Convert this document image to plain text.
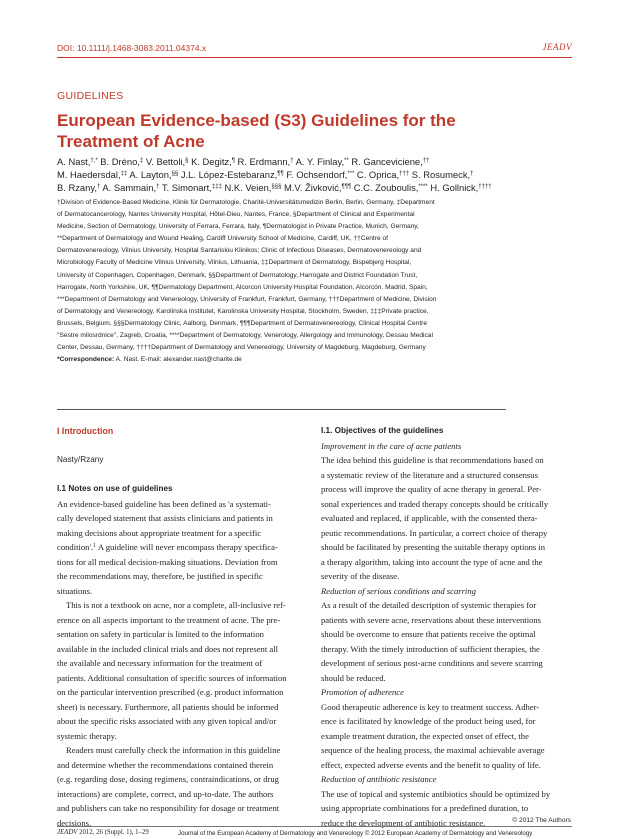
DOI: 10.1111/j.1468-3083.2011.04374.x	JEADV
GUIDELINES
European Evidence-based (S3) Guidelines for the Treatment of Acne
A. Nast,†,* B. Dréno,‡ V. Bettoli,§ K. Degitz,¶ R. Erdmann,† A. Y. Finlay,** R. Ganceviciene,††
M. Haedersdal,‡‡ A. Layton,§§ J.L. López-Estebaranz,¶¶ F. Ochsendorf,*** C. Oprica,††† S. Rosumeck,†
B. Rzany,† A. Sammain,† T. Simonart,‡‡‡ N.K. Veien,§§§ M.V. Živković,¶¶¶ C.C. Zouboulis,**** H. Gollnick,††††
†Division of Evidence-Based Medicine, Klinik für Dermatologie, Charité-Universitätsmedizin Berlin, Berlin, Germany, ‡Department
of Dermatocancerology, Nantes University Hospital, Hôtel-Dieu, Nantes, France, §Department of Clinical and Experimental
Medicine, Section of Dermatology, University of Ferrara, Ferrara, Italy, ¶Dermatologist in Private Practice, Munich, Germany,
**Department of Dermatology and Wound Healing, Cardiff University School of Medicine, Cardiff, UK, ††Centre of
Dermatovenereology, Vilnius University, Hospital Santariskiu Klinikos; Clinic of Infectious Diseases, Dermatovenereology and
Microbiology Faculty of Medicine Vilnius University, Vilnius, Lithuania, ‡‡Department of Dermatology, Bispebjerg Hospital,
University of Copenhagen, Copenhagen, Denmark, §§Department of Dermatology, Harrogate and District Foundation Trust,
Harrogate, North Yorkshire, UK, ¶¶Dermatology Department, Alcorcon University Hospital Foundation, Alcorcón, Madrid, Spain,
***Department of Dermatology and Venereology, University of Frankfurt, Frankfurt, Germany, †††Department of Medicine, Division
of Dermatology and Venereology, Karolinska Institutet, Karolinska University Hospital, Stockholm, Sweden, ‡‡‡Private practice,
Brussels, Belgium, §§§Dermatology Clinic, Aalborg, Denmark, ¶¶¶Department of Dermatovenereology, Clinical Hospital Centre
''Sestre milosrdnice'', Zagreb, Croatia, ****Department of Dermatology, Venerology, Allergology and Immunology, Dessau Medical
Center, Dessau, Germany, ††††Department of Dermatology and Venereology, University of Magdeburg, Magdeburg, Germany
*Correspondence: A. Nast. E-mail: alexander.nast@charite.de
I Introduction
Nasty/Rzany
I.1 Notes on use of guidelines
An evidence-based guideline has been defined as 'a systemati-
cally developed statement that assists clinicians and patients in
making decisions about appropriate treatment for a specific
condition'.$^1$ A guideline will never encompass therapy specifica-
tions for all medical decision-making situations. Deviation from
the recommendations may, therefore, be justified in specific
situations.
This is not a textbook on acne, nor a complete, all-inclusive ref-
erence on all aspects important to the treatment of acne. The pre-
sentation on safety in particular is limited to the information
available in the included clinical trials and does not represent all
the available and necessary information for the treatment of
patients. Additional consultation of specific sources of information
on the particular intervention prescribed (e.g. product information
sheet) is necessary. Furthermore, all patients should be informed
about the specific risks associated with any given topical and/or
systemic therapy.
Readers must carefully check the information in this guideline
and determine whether the recommendations contained therein
(e.g. regarding dose, dosing regimens, contraindications, or drug
interactions) are complete, correct, and up-to-date. The authors
and publishers can take no responsibility for dosage or treatment
decisions.
I.1. Objectives of the guidelines
Improvement in the care of acne patients
The idea behind this guideline is that recommendations based on
a systematic review of the literature and a structured consensus
process will improve the quality of acne therapy in general. Per-
sonal experiences and traded therapy concepts should be critically
evaluated and replaced, if applicable, with the consented thera-
peutic recommendations. In particular, a correct choice of therapy
should be facilitated by presenting the suitable therapy options in
a therapy algorithm, taking into account the type of acne and the
severity of the disease.
Reduction of serious conditions and scarring
As a result of the detailed description of systemic therapies for
patients with severe acne, reservations about these interventions
should be overcome to ensure that patients receive the optimal
therapy. With the timely introduction of sufficient therapies, the
development of serious post-acne conditions and severe scarring
should be reduced.
Promotion of adherence
Good therapeutic adherence is key to treatment success. Adher-
ence is facilitated by knowledge of the product being used, for
example treatment duration, the expected onset of effect, the
sequence of the healing process, the maximal achievable average
effect, expected adverse events and the benefit to quality of life.
Reduction of antibiotic resistance
The use of topical and systemic antibiotics should be optimized by
using appropriate combinations for a predefined duration, to
reduce the development of antibiotic resistance.	© 2012 The Authors
JEADV 2012, 26 (Suppl. 1), 1–29	Journal of the European Academy of Dermatology and Venereology © 2012 European Academy of Dermatology and Venereology
